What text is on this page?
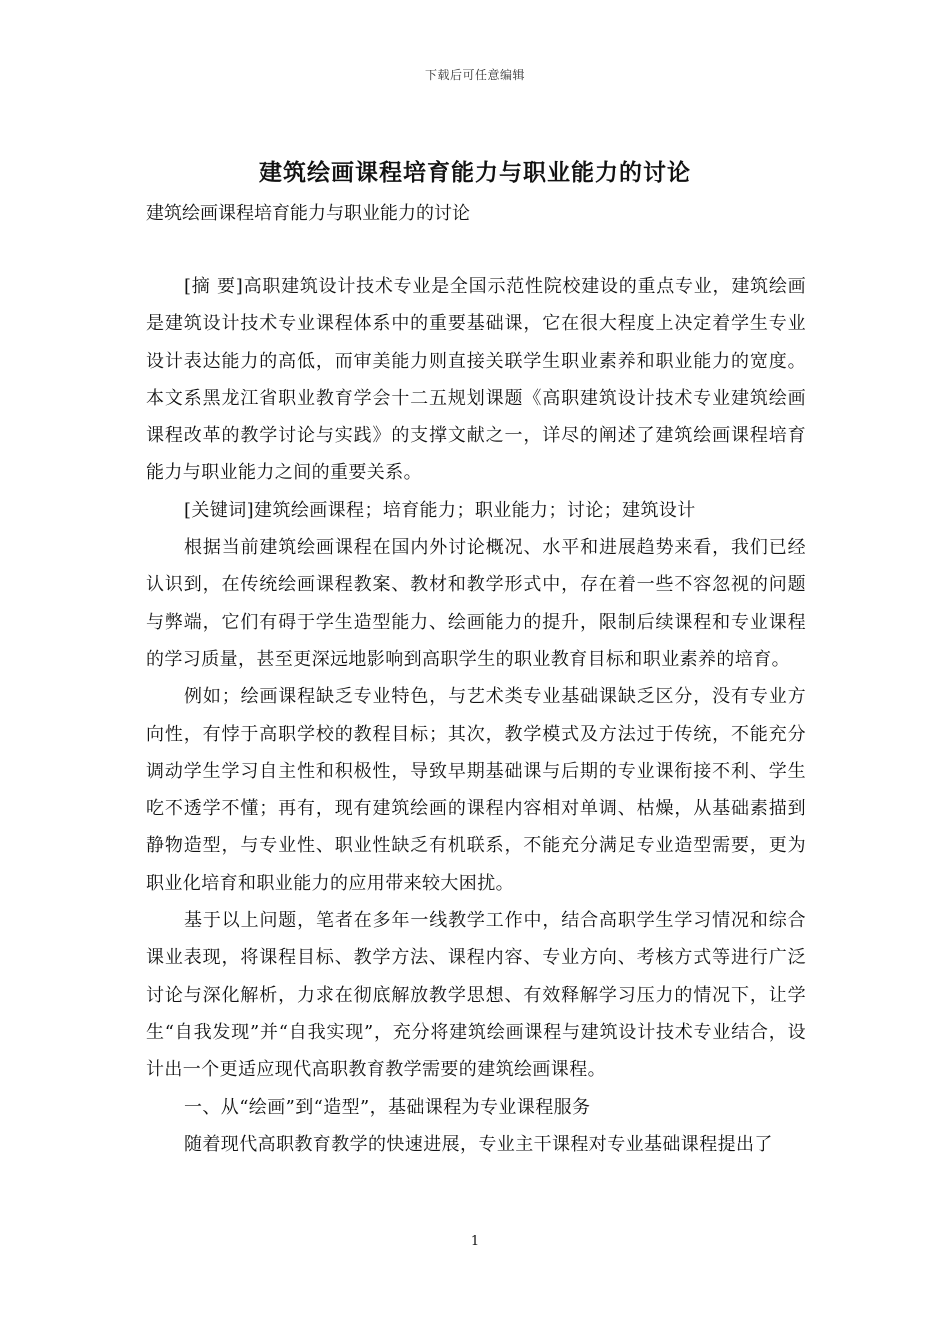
下载后可任意编辑
建筑绘画课程培育能力与职业能力的讨论

建筑绘画课程培育能力与职业能力的讨论

[摘 要]高职建筑设计技术专业是全国示范性院校建设的重点专业，建筑绘画是建筑设计技术专业课程体系中的重要基础课，它在很大程度上决定着学生专业设计表达能力的高低，而审美能力则直接关联学生职业素养和职业能力的宽度。本文系黑龙江省职业教育学会十二五规划课题《高职建筑设计技术专业建筑绘画课程改革的教学讨论与实践》的支撑文献之一，详尽的阐述了建筑绘画课程培育能力与职业能力之间的重要关系。

[关键词]建筑绘画课程；培育能力；职业能力；讨论；建筑设计

根据当前建筑绘画课程在国内外讨论概况、水平和进展趋势来看，我们已经认识到，在传统绘画课程教案、教材和教学形式中，存在着一些不容忽视的问题与弊端，它们有碍于学生造型能力、绘画能力的提升，限制后续课程和专业课程的学习质量，甚至更深远地影响到高职学生的职业教育目标和职业素养的培育。

例如；绘画课程缺乏专业特色，与艺术类专业基础课缺乏区分，没有专业方向性，有悖于高职学校的教程目标；其次，教学模式及方法过于传统，不能充分调动学生学习自主性和积极性，导致早期基础课与后期的专业课衔接不利、学生吃不透学不懂；再有，现有建筑绘画的课程内容相对单调、枯燥，从基础素描到静物造型，与专业性、职业性缺乏有机联系，不能充分满足专业造型需要，更为职业化培育和职业能力的应用带来较大困扰。

基于以上问题，笔者在多年一线教学工作中，结合高职学生学习情况和综合课业表现，将课程目标、教学方法、课程内容、专业方向、考核方式等进行广泛讨论与深化解析，力求在彻底解放教学思想、有效释解学习压力的情况下，让学生“自我发现”并“自我实现”，充分将建筑绘画课程与建筑设计技术专业结合，设计出一个更适应现代高职教育教学需要的建筑绘画课程。

一、从“绘画”到“造型”，基础课程为专业课程服务

随着现代高职教育教学的快速进展，专业主干课程对专业基础课程提出了

1
